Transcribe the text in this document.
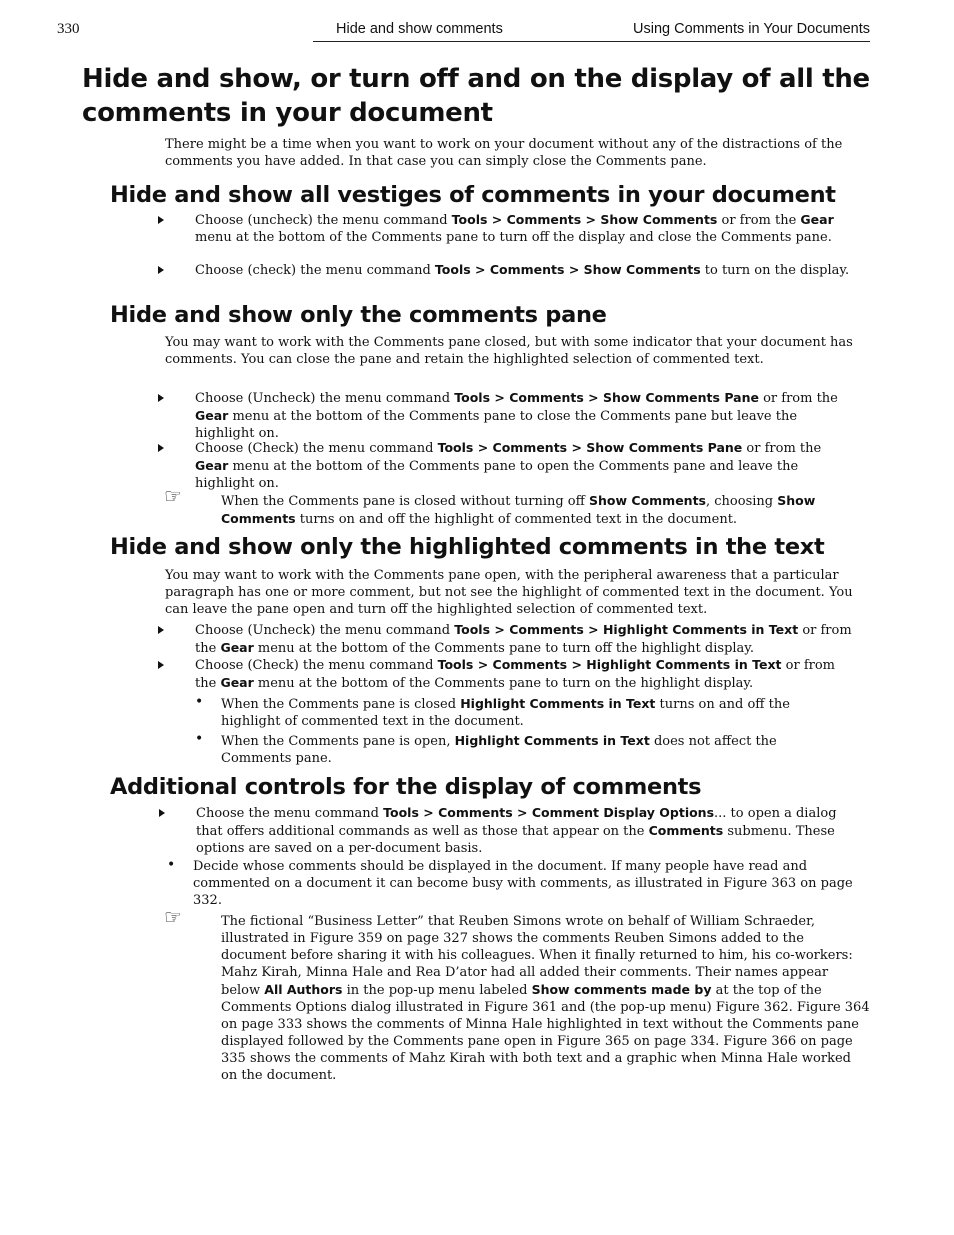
330	Hide and show comments	Using Comments in Your Documents
Hide and show, or turn off and on the display of all the comments in your document

There might be a time when you want to work on your document without any of the distractions of the comments you have added. In that case you can simply close the Comments pane.

Hide and show all vestiges of comments in your document

Choose (uncheck) the menu command Tools > Comments > Show Comments or from the Gear menu at the bottom of the Comments pane to turn off the display and close the Comments pane.

Choose (check) the menu command Tools > Comments > Show Comments to turn on the display.

Hide and show only the comments pane

You may want to work with the Comments pane closed, but with some indicator that your document has comments. You can close the pane and retain the highlighted selection of commented text.

Choose (Uncheck) the menu command Tools > Comments > Show Comments Pane or from the Gear menu at the bottom of the Comments pane to close the Comments pane but leave the highlight on.

Choose (Check) the menu command Tools > Comments > Show Comments Pane or from the Gear menu at the bottom of the Comments pane to open the Comments pane and leave the highlight on.

☞	When the Comments pane is closed without turning off Show Comments, choosing Show Comments turns on and off the highlight of commented text in the document.

Hide and show only the highlighted comments in the text

You may want to work with the Comments pane open, with the peripheral awareness that a particular paragraph has one or more comment, but not see the highlight of commented text in the document. You can leave the pane open and turn off the highlighted selection of commented text.

Choose (Uncheck) the menu command Tools > Comments > Highlight Comments in Text or from the Gear menu at the bottom of the Comments pane to turn off the highlight display.

Choose (Check) the menu command Tools > Comments > Highlight Comments in Text or from the Gear menu at the bottom of the Comments pane to turn on the highlight display.

• When the Comments pane is closed Highlight Comments in Text turns on and off the highlight of commented text in the document.

• When the Comments pane is open, Highlight Comments in Text does not affect the Comments pane.

Additional controls for the display of comments

Choose the menu command Tools > Comments > Comment Display Options... to open a dialog that offers additional commands as well as those that appear on the Comments submenu. These options are saved on a per-document basis.

• Decide whose comments should be displayed in the document. If many people have read and commented on a document it can become busy with comments, as illustrated in Figure 363 on page 332.

☞	The fictional “Business Letter” that Reuben Simons wrote on behalf of William Schraeder, illustrated in Figure 359 on page 327 shows the comments Reuben Simons added to the document before sharing it with his colleagues. When it finally returned to him, his co-workers: Mahz Kirah, Minna Hale and Rea D’ator had all added their comments. Their names appear below All Authors in the pop-up menu labeled Show comments made by at the top of the Comments Options dialog illustrated in Figure 361 and (the pop-up menu) Figure 362. Figure 364 on page 333 shows the comments of Minna Hale highlighted in text without the Comments pane displayed followed by the Comments pane open in Figure 365 on page 334. Figure 366 on page 335 shows the comments of Mahz Kirah with both text and a graphic when Minna Hale worked on the document.
